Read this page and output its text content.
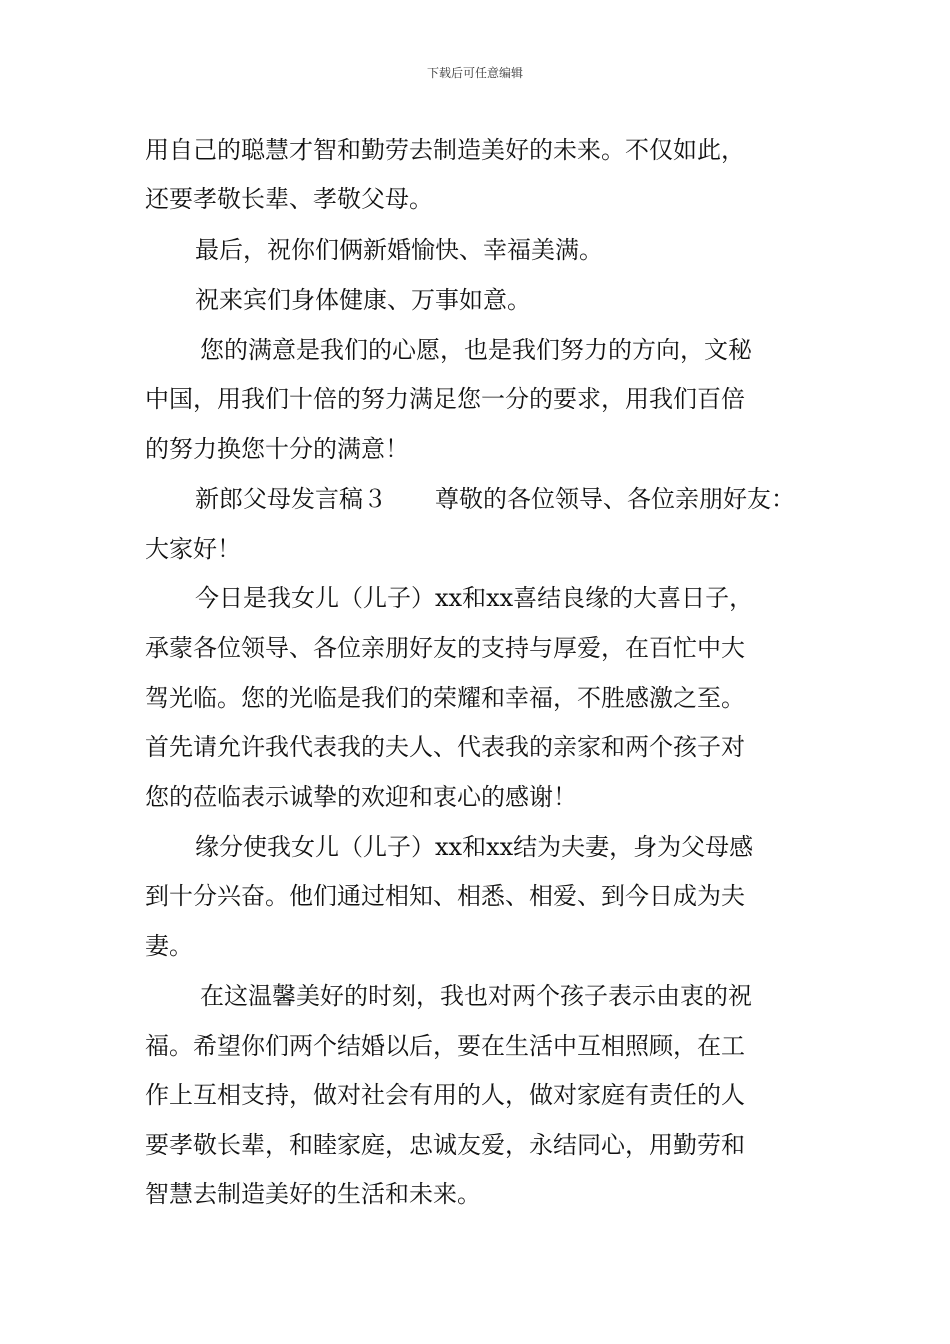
下载后可任意编辑
用自己的聪慧才智和勤劳去制造美好的未来。不仅如此，
还要孝敬长辈、孝敬父母。
最后，祝你们俩新婚愉快、幸福美满。
祝来宾们身体健康、万事如意。
您的满意是我们的心愿，也是我们努力的方向，文秘
中国，用我们十倍的努力满足您一分的要求，用我们百倍
的努力换您十分的满意！
新郎父母发言稿３　　尊敬的各位领导、各位亲朋好友：
大家好！
今日是我女儿（儿子）xx和xx喜结良缘的大喜日子，
承蒙各位领导、各位亲朋好友的支持与厚爱，在百忙中大
驾光临。您的光临是我们的荣耀和幸福，不胜感激之至。
首先请允许我代表我的夫人、代表我的亲家和两个孩子对
您的莅临表示诚挚的欢迎和衷心的感谢！
缘分使我女儿（儿子）xx和xx结为夫妻，身为父母感
到十分兴奋。他们通过相知、相悉、相爱、到今日成为夫
妻。
在这温馨美好的时刻，我也对两个孩子表示由衷的祝
福。希望你们两个结婚以后，要在生活中互相照顾，在工
作上互相支持，做对社会有用的人，做对家庭有责任的人
要孝敬长辈，和睦家庭，忠诚友爱，永结同心，用勤劳和
智慧去制造美好的生活和未来。
